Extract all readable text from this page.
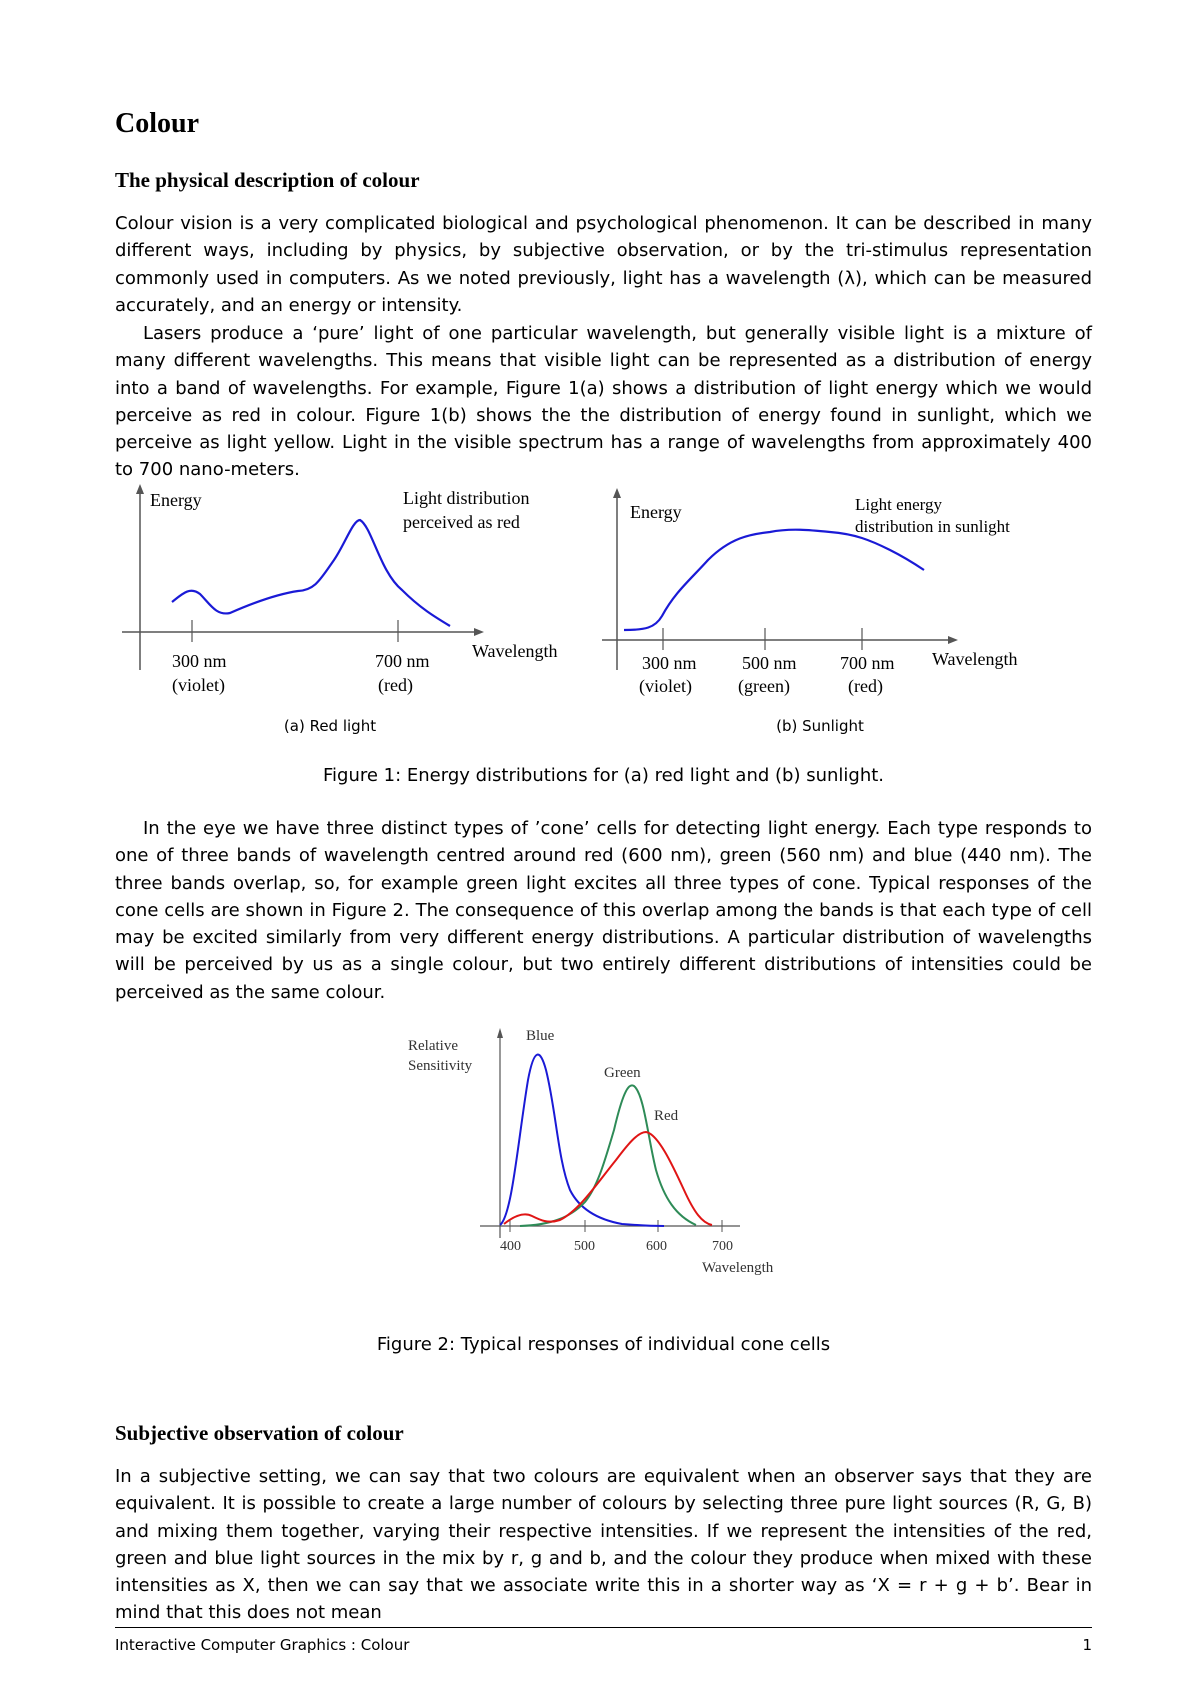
Colour
The physical description of colour

Colour vision is a very complicated biological and psychological phenomenon. It can be described in many different ways, including by physics, by subjective observation, or by the tri-stimulus representation commonly used in computers. As we noted previously, light has a wavelength (λ), which can be measured accurately, and an energy or intensity.

Lasers produce a ‘pure’ light of one particular wavelength, but generally visible light is a mixture of many different wavelengths. This means that visible light can be represented as a distribution of energy into a band of wavelengths. For example, Figure 1(a) shows a distribution of light energy which we would perceive as red in colour. Figure 1(b) shows the the distribution of energy found in sunlight, which we perceive as light yellow. Light in the visible spectrum has a range of wavelengths from approximately 400 to 700 nano-meters.

Energy	Light distribution
perceived as red
Wavelength
300 nm
(violet)
700 nm
(red)
(a) Red light
Energy	Light energy
distribution in sunlight
Wavelength
300 nm
(violet)
500 nm
(green)
700 nm
(red)
(b) Sunlight
Figure 1: Energy distributions for (a) red light and (b) sunlight.

In the eye we have three distinct types of ’cone’ cells for detecting light energy. Each type responds to one of three bands of wavelength centred around red (600 nm), green (560 nm) and blue (440 nm). The three bands overlap, so, for example green light excites all three types of cone. Typical responses of the cone cells are shown in Figure 2. The consequence of this overlap among the bands is that each type of cell may be excited similarly from very different energy distributions. A particular distribution of wavelengths will be perceived by us as a single colour, but two entirely different distributions of intensities could be perceived as the same colour.

Relative
Sensitivity
Blue
Green
Red
400	500	600	700
Wavelength
Figure 2: Typical responses of individual cone cells
Subjective observation of colour

In a subjective setting, we can say that two colours are equivalent when an observer says that they are equivalent. It is possible to create a large number of colours by selecting three pure light sources (R, G, B) and mixing them together, varying their respective intensities. If we represent the intensities of the red, green and blue light sources in the mix by r, g and b, and the colour they produce when mixed with these intensities as X, then we can say that we associate write this in a shorter way as ‘X = r + g + b’. Bear in mind that this does not mean

Interactive Computer Graphics : Colour	1
